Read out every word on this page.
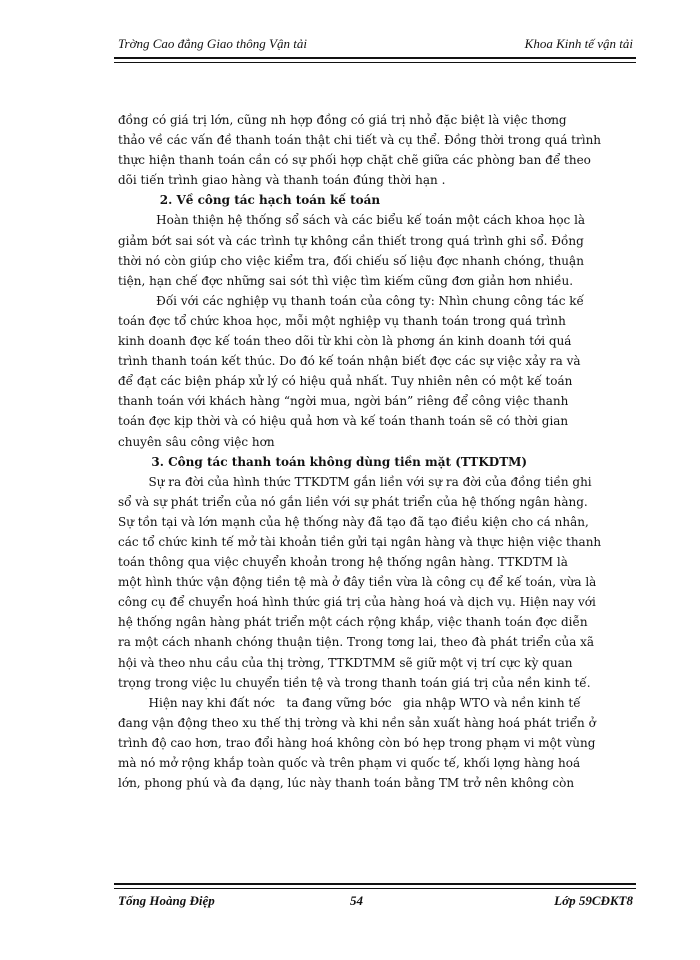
Trờng Cao đẳng Giao thông Vận tải	Khoa Kinh tế vận tải
đồng có giá trị lớn, cũng nh hợp đồng có giá trị nhỏ đặc biệt là việc thơng
thảo về các vấn đề thanh toán thật chi tiết và cụ thể. Đồng thời trong quá trình
thực hiện thanh toán cần có sự phối hợp chặt chẽ giữa các phòng ban để theo
dõi tiến trình giao hàng và thanh toán đúng thời hạn .
2. Về công tác hạch toán kế toán
Hoàn thiện hệ thống sổ sách và các biểu kế toán một cách khoa học là
giảm bớt sai sót và các trình tự không cần thiết trong quá trình ghi sổ. Đồng
thời nó còn giúp cho việc kiểm tra, đối chiếu số liệu đợc nhanh chóng, thuận
tiện, hạn chế đợc những sai sót thì việc tìm kiếm cũng đơn giản hơn nhiều.
Đối với các nghiệp vụ thanh toán của công ty: Nhìn chung công tác kế
toán đợc tổ chức khoa học, mỗi một nghiệp vụ thanh toán trong quá trình
kinh doanh đợc kế toán theo dõi từ khi còn là phơng án kinh doanh tới quá
trình thanh toán kết thúc. Do đó kế toán nhận biết đợc các sự việc xảy ra và
để đạt các biện pháp xử lý có hiệu quả nhất. Tuy nhiên nên có một kế toán
thanh toán với khách hàng “ngời mua, ngời bán” riêng để công việc thanh
toán đợc kịp thời và có hiệu quả hơn và kế toán thanh toán sẽ có thời gian
chuyên sâu công việc hơn
3. Công tác thanh toán không dùng tiền mặt (TTKDTM)
Sự ra đời của hình thức TTKDTM gắn liền với sự ra đời của đồng tiền ghi
sổ và sự phát triển của nó gắn liền với sự phát triển của hệ thống ngân hàng.
Sự tồn tại và lớn mạnh của hệ thống này đã tạo đã tạo điều kiện cho cá nhân,
các tổ chức kinh tế mở tài khoản tiền gửi tại ngân hàng và thực hiện việc thanh
toán thông qua việc chuyển khoản trong hệ thống ngân hàng. TTKDTM là
một hình thức vận động tiền tệ mà ở đây tiền vừa là công cụ để kế toán, vừa là
công cụ để chuyển hoá hình thức giá trị của hàng hoá và dịch vụ. Hiện nay với
hệ thống ngân hàng phát triển một cách rộng khắp, việc thanh toán đợc diễn
ra một cách nhanh chóng thuận tiện. Trong tơng lai, theo đà phát triển của xã
hội và theo nhu cầu của thị trờng, TTKDTMM sẽ giữ một vị trí cực kỳ quan
trọng trong việc lu chuyển tiền tệ và trong thanh toán giá trị của nền kinh tế.
Hiện nay khi đất nớc   ta đang vững bớc   gia nhập WTO và nền kinh tế
đang vận động theo xu thế thị trờng và khi nền sản xuất hàng hoá phát triển ở
trình độ cao hơn, trao đổi hàng hoá không còn bó hẹp trong phạm vi một vùng
mà nó mở rộng khắp toàn quốc và trên phạm vi quốc tế, khối lợng hàng hoá
lớn, phong phú và đa dạng, lúc này thanh toán bằng TM trở nên không còn
Tống Hoàng Điệp	54	Lớp 59CĐKT8
